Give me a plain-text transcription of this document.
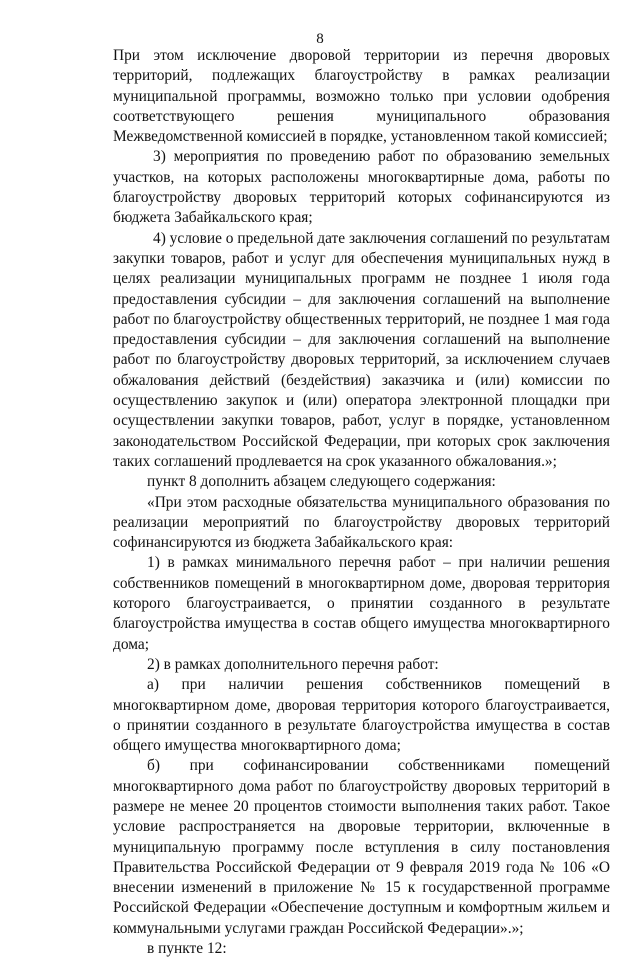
8

При этом исключение дворовой территории из перечня дворовых территорий, подлежащих благоустройству в рамках реализации муниципальной программы, возможно только при условии одобрения соответствующего решения муниципального образования Межведомственной комиссией в порядке, установленном такой комиссией;

3) мероприятия по проведению работ по образованию земельных участков, на которых расположены многоквартирные дома, работы по благоустройству дворовых территорий которых софинансируются из бюджета Забайкальского края;

4) условие о предельной дате заключения соглашений по результатам закупки товаров, работ и услуг для обеспечения муниципальных нужд в целях реализации муниципальных программ не позднее 1 июля года предоставления субсидии – для заключения соглашений на выполнение работ по благоустройству общественных территорий, не позднее 1 мая года предоставления субсидии – для заключения соглашений на выполнение работ по благоустройству дворовых территорий, за исключением случаев обжалования действий (бездействия) заказчика и (или) комиссии по осуществлению закупок и (или) оператора электронной площадки при осуществлении закупки товаров, работ, услуг в порядке, установленном законодательством Российской Федерации, при которых срок заключения таких соглашений продлевается на срок указанного обжалования.»;

пункт 8 дополнить абзацем следующего содержания:

«При этом расходные обязательства муниципального образования по реализации мероприятий по благоустройству дворовых территорий софинансируются из бюджета Забайкальского края:

1) в рамках минимального перечня работ – при наличии решения собственников помещений в многоквартирном доме, дворовая территория которого благоустраивается, о принятии созданного в результате благоустройства имущества в состав общего имущества многоквартирного дома;

2) в рамках дополнительного перечня работ:

а) при наличии решения собственников помещений в многоквартирном доме, дворовая территория которого благоустраивается, о принятии созданного в результате благоустройства имущества в состав общего имущества многоквартирного дома;

б) при софинансировании собственниками помещений многоквартирного дома работ по благоустройству дворовых территорий в размере не менее 20 процентов стоимости выполнения таких работ. Такое условие распространяется на дворовые территории, включенные в муниципальную программу после вступления в силу постановления Правительства Российской Федерации от 9 февраля 2019 года № 106 «О внесении изменений в приложение № 15 к государственной программе Российской Федерации «Обеспечение доступным и комфортным жильем и коммунальными услугами граждан Российской Федерации».»;

в пункте 12:
